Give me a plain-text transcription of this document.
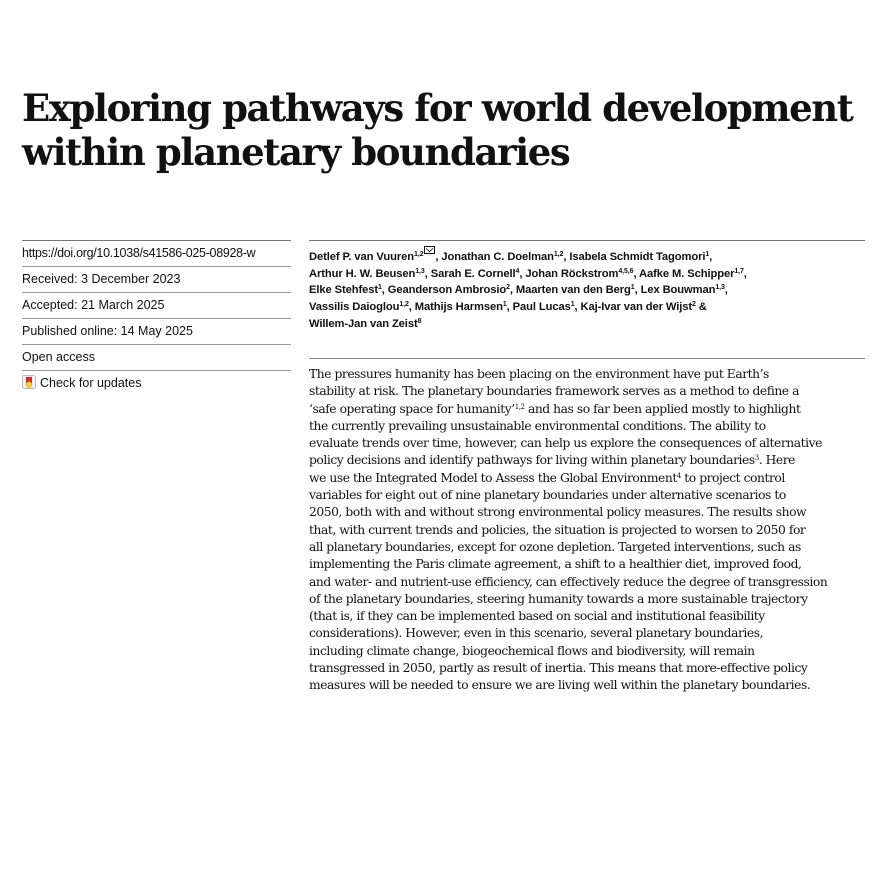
Exploring pathways for world development
within planetary boundaries
https://doi.org/10.1038/s41586-025-08928-w
Received: 3 December 2023
Accepted: 21 March 2025
Published online: 14 May 2025
Open access
Check for updates
Detlef P. van Vuuren$^{1,2}$ , Jonathan C. Doelman$^{1,2}$, Isabela Schmidt Tagomori$^1$,
Arthur H. W. Beusen$^{1,3}$, Sarah E. Cornell$^4$, Johan Röckstrom$^{4,5,6}$, Aafke M. Schipper$^{1,7}$,
Elke Stehfest$^1$, Geanderson Ambrosio$^2$, Maarten van den Berg$^1$, Lex Bouwman$^{1,3}$,
Vassilis Daioglou$^{1,2}$, Mathijs Harmsen$^1$, Paul Lucas$^1$, Kaj-Ivar van der Wijst$^2$ &
Willem-Jan van Zeist$^8$
The pressures humanity has been placing on the environment have put Earth’s
stability at risk. The planetary boundaries framework serves as a method to define a
‘safe operating space for humanity’$^{1,2}$ and has so far been applied mostly to highlight
the currently prevailing unsustainable environmental conditions. The ability to
evaluate trends over time, however, can help us explore the consequences of alternative
policy decisions and identify pathways for living within planetary boundaries$^3$. Here
we use the Integrated Model to Assess the Global Environment$^4$ to project control
variables for eight out of nine planetary boundaries under alternative scenarios to
2050, both with and without strong environmental policy measures. The results show
that, with current trends and policies, the situation is projected to worsen to 2050 for
all planetary boundaries, except for ozone depletion. Targeted interventions, such as
implementing the Paris climate agreement, a shift to a healthier diet, improved food,
and water- and nutrient-use efficiency, can effectively reduce the degree of transgression
of the planetary boundaries, steering humanity towards a more sustainable trajectory
(that is, if they can be implemented based on social and institutional feasibility
considerations). However, even in this scenario, several planetary boundaries,
including climate change, biogeochemical flows and biodiversity, will remain
transgressed in 2050, partly as result of inertia. This means that more-effective policy
measures will be needed to ensure we are living well within the planetary boundaries.
